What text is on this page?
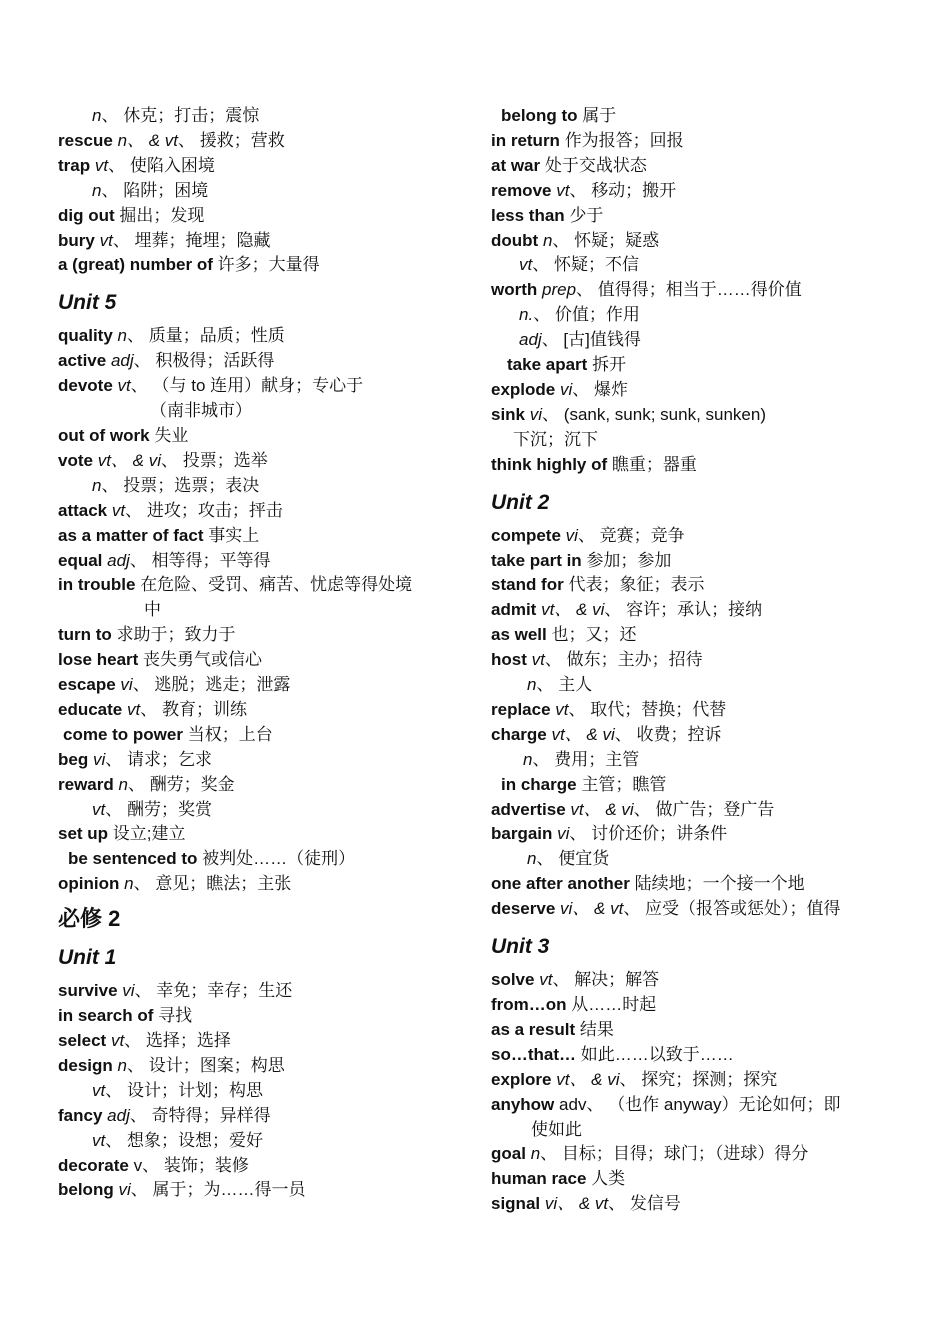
n、 休克；打击；震惊
rescue n、 & vt、 援救；营救
trap vt、 使陷入困境
n、 陷阱；困境
dig out 掘出；发现
bury vt、 埋葬；掩埋；隐藏
a (great) number of 许多；大量得
Unit 5
quality n、 质量；品质；性质
active adj、 积极得；活跃得
devote vt、 （与 to 连用）献身；专心于
（南非城市）
out of work 失业
vote vt、 & vi、 投票；选举
n、 投票；选票；表决
attack vt、 进攻；攻击；抨击
as a matter of fact 事实上
equal adj、 相等得；平等得
in trouble 在危险、受罚、痛苦、忧虑等得处境
中
turn to 求助于；致力于
lose heart 丧失勇气或信心
escape vi、 逃脱；逃走；泄露
educate vt、 教育；训练
come to power 当权；上台
beg vi、 请求；乞求
reward n、 酬劳；奖金
vt、 酬劳；奖赏
set up 设立;建立
be sentenced to 被判处……（徒刑）
opinion n、 意见；瞧法；主张
必修 2
Unit 1
survive vi、 幸免；幸存；生还
in search of 寻找
select vt、 选择；选择
design n、 设计；图案；构思
vt、 设计；计划；构思
fancy adj、 奇特得；异样得
vt、 想象；设想；爱好
decorate v、 装饰；装修
belong vi、 属于；为……得一员
belong to 属于
in return 作为报答；回报
at war 处于交战状态
remove vt、 移动；搬开
less than 少于
doubt n、 怀疑；疑惑
vt、 怀疑；不信
worth prep、 值得得；相当于……得价值
n.、 价值；作用
adj、 [古]值钱得
take apart 拆开
explode vi、 爆炸
sink vi、 (sank, sunk; sunk, sunken)
下沉；沉下
think highly of 瞧重；器重
Unit 2
compete vi、 竞赛；竞争
take part in 参加；参加
stand for 代表；象征；表示
admit vt、 & vi、 容许；承认；接纳
as well 也；又；还
host vt、 做东；主办；招待
n、 主人
replace vt、 取代；替换；代替
charge vt、 & vi、 收费；控诉
n、 费用；主管
in charge 主管；瞧管
advertise vt、 & vi、 做广告；登广告
bargain vi、 讨价还价；讲条件
n、 便宜货
one after another 陆续地；一个接一个地
deserve vi、 & vt、 应受（报答或惩处）；值得
Unit 3
solve vt、 解决；解答
from…on 从……时起
as a result 结果
so…that… 如此……以致于……
explore vt、 & vi、 探究；探测；探究
anyhow adv、 （也作 anyway）无论如何；即
使如此
goal n、 目标；目得；球门；（进球）得分
human race 人类
signal vi、 & vt、 发信号
